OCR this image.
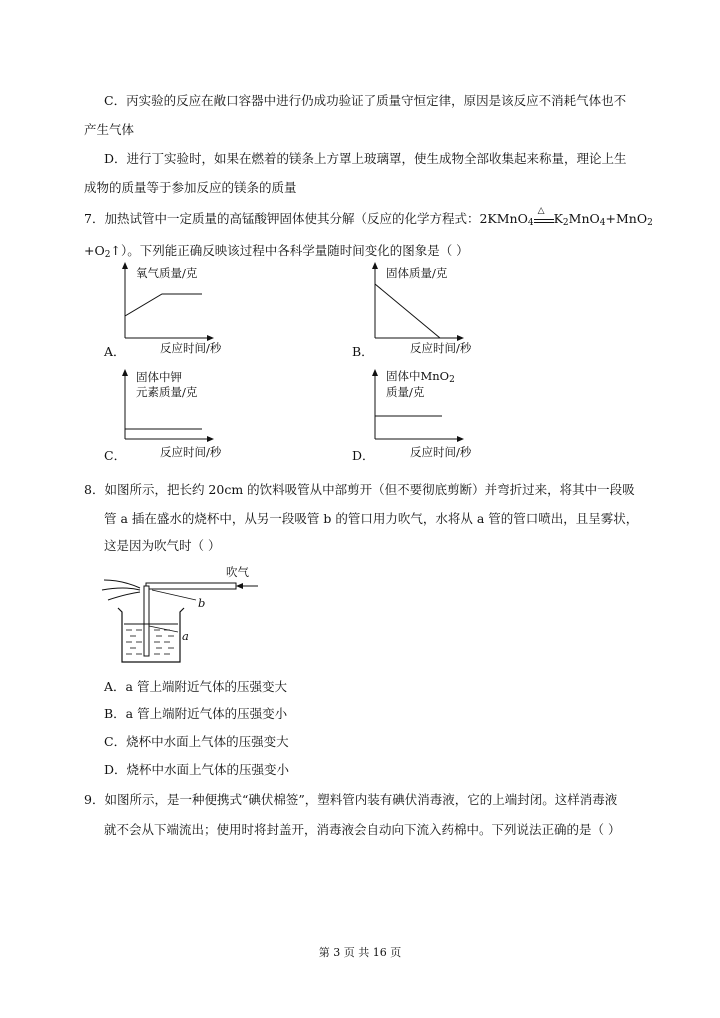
C．丙实验的反应在敞口容器中进行仍成功验证了质量守恒定律，原因是该反应不消耗气体也不
产生气体
D．进行丁实验时，如果在燃着的镁条上方罩上玻璃罩，使生成物全部收集起来称量，理论上生
成物的质量等于参加反应的镁条的质量
7．加热试管中一定质量的高锰酸钾固体使其分解（反应的化学方程式：2KMnO$_4$
△ $K_2MnO_4+MnO_2$
$+O_2↑$）。下列能正确反映该过程中各科学量随时间变化的图象是（ ）
氧气质量/克
反应时间/秒
A．
固体质量/克
反应时间/秒
B．
固体中钾
元素质量/克
反应时间/秒
C．
固体中MnO$_2$
质量/克
反应时间/秒
D．
8．如图所示，把长约 20cm 的饮料吸管从中部剪开（但不要彻底剪断）并弯折过来，将其中一段吸
管 a 插在盛水的烧杯中，从另一段吸管 b 的管口用力吹气，水将从 a 管的管口喷出，且呈雾状，
这是因为吹气时（ ）
吹气
b
a
A．a 管上端附近气体的压强变大
B．a 管上端附近气体的压强变小
C．烧杯中水面上气体的压强变大
D．烧杯中水面上气体的压强变小
9．如图所示，是一种便携式“碘伏棉签”，塑料管内装有碘伏消毒液，它的上端封闭。这样消毒液
就不会从下端流出；使用时将封盖开，消毒液会自动向下流入药棉中。下列说法正确的是（ ）
第 3 页 共 16 页
